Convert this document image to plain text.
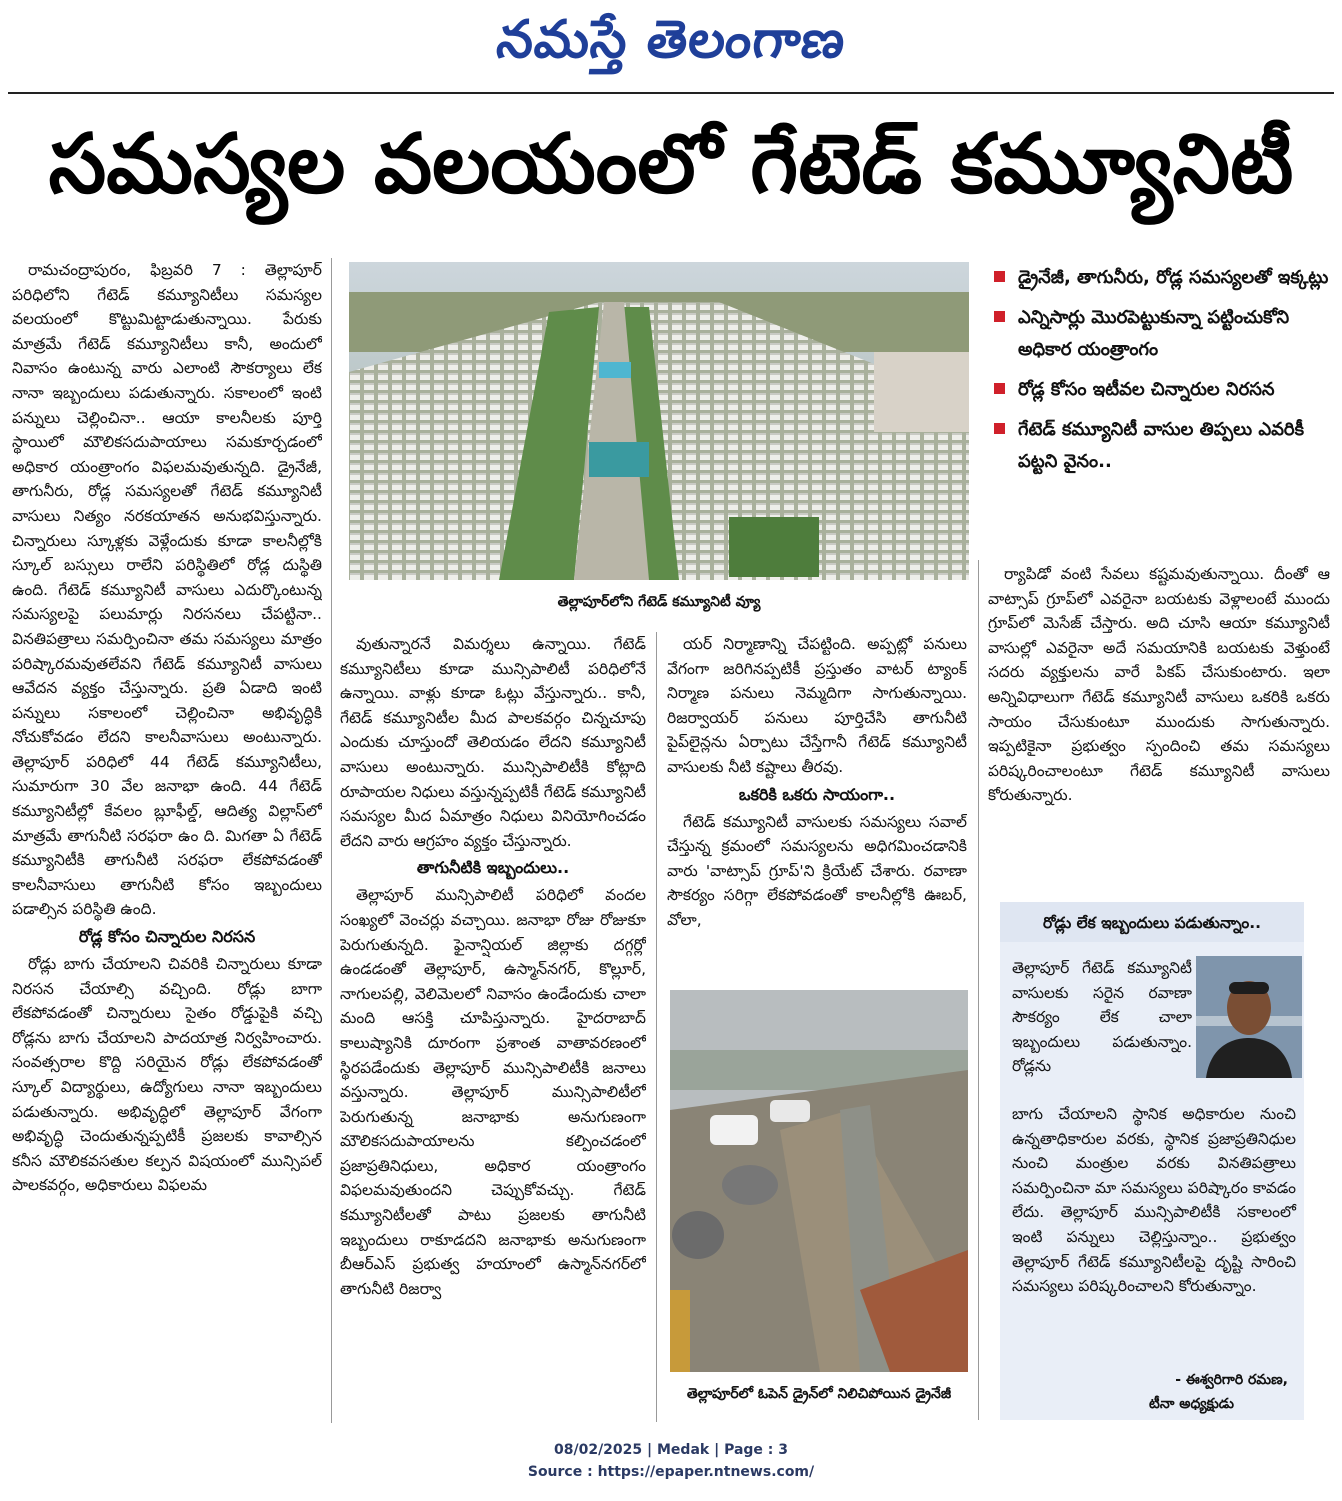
నమస్తే తెలంగాణ
సమస్యల వలయంలో గేటెడ్ కమ్యూనిటీ

రామచంద్రాపురం, ఫిబ్రవరి 7 : తెల్లాపూర్ పరిధిలోని గేటెడ్ కమ్యూనిటీలు సమస్యల వలయంలో కొట్టుమిట్టాడుతున్నాయి. పేరుకు మాత్రమే గేటెడ్ కమ్యూనిటీలు కానీ, అందులో నివాసం ఉంటున్న వారు ఎలాంటి సౌకర్యాలు లేక నానా ఇబ్బందులు పడుతున్నారు. సకాలంలో ఇంటి పన్నులు చెల్లించినా.. ఆయా కాలనీలకు పూర్తి స్థాయిలో మౌలికసదుపాయాలు సమకూర్చడంలో అధికార యంత్రాంగం విఫలమవుతున్నది. డ్రైనేజీ, తాగునీరు, రోడ్ల సమస్యలతో గేటెడ్ కమ్యూనిటీ వాసులు నిత్యం నరకయాతన అనుభవిస్తున్నారు. చిన్నారులు స్కూళ్లకు వెళ్లేందుకు కూడా కాలనీల్లోకి స్కూల్ బస్సులు రాలేని పరిస్థితిలో రోడ్ల దుస్థితి ఉంది. గేటెడ్ కమ్యూనిటీ వాసులు ఎదుర్కొంటున్న సమస్యలపై పలుమార్లు నిరసనలు చేపట్టినా.. వినతిపత్రాలు సమర్పించినా తమ సమస్యలు మాత్రం పరిష్కారమవుతలేవని గేటెడ్ కమ్యూనిటీ వాసులు ఆవేదన వ్యక్తం చేస్తున్నారు. ప్రతి ఏడాది ఇంటి పన్నులు సకాలంలో చెల్లించినా అభివృద్ధికి నోచుకోవడం లేదని కాలనీవాసులు అంటున్నారు. తెల్లాపూర్ పరిధిలో 44 గేటెడ్ కమ్యూనిటీలు, సుమారుగా 30 వేల జనాభా ఉంది. 44 గేటెడ్ కమ్యూనిటీల్లో కేవలం బ్లూఫీల్డ్, ఆదిత్య విల్లాస్‌లో మాత్రమే తాగునీటి సరఫరా ఉం ది. మిగతా ఏ గేటెడ్ కమ్యూనిటీకి తాగునీటి సరఫరా లేకపోవడంతో కాలనీవాసులు తాగునీటి కోసం ఇబ్బందులు పడాల్సిన పరిస్థితి ఉంది.

రోడ్ల కోసం చిన్నారుల నిరసన

రోడ్లు బాగు చేయాలని చివరికి చిన్నారులు కూడా నిరసన చేయాల్సి వచ్చింది. రోడ్లు బాగా లేకపోవడంతో చిన్నారులు సైతం రోడ్డుపైకి వచ్చి రోడ్లను బాగు చేయాలని పాదయాత్ర నిర్వహించారు. సంవత్సరాల కొద్ది సరియైన రోడ్లు లేకపోవడంతో స్కూల్ విద్యార్థులు, ఉద్యోగులు నానా ఇబ్బందులు పడుతున్నారు. అభివృద్ధిలో తెల్లాపూర్ వేగంగా అభివృద్ధి చెందుతున్నప్పటికీ ప్రజలకు కావాల్సిన కనీస మౌలికవసతుల కల్పన విషయంలో మున్సిపల్ పాలకవర్గం, అధికారులు విఫలమ

తెల్లాపూర్‌లోని గేటెడ్ కమ్యూనిటీ వ్యూ
డ్రైనేజీ, తాగునీరు, రోడ్ల సమస్యలతో ఇక్కట్లు
ఎన్నిసార్లు మొరపెట్టుకున్నా పట్టించుకోని అధికార యంత్రాంగం
రోడ్ల కోసం ఇటీవల చిన్నారుల నిరసన
గేటెడ్ కమ్యూనిటీ వాసుల తిప్పలు ఎవరికీ పట్టని వైనం..

వుతున్నారనే విమర్శలు ఉన్నాయి. గేటెడ్ కమ్యూనిటీలు కూడా మున్సిపాలిటీ పరిధిలోనే ఉన్నాయి. వాళ్లు కూడా ఓట్లు వేస్తున్నారు.. కానీ, గేటెడ్ కమ్యూనిటీల మీద పాలకవర్గం చిన్నచూపు ఎందుకు చూస్తుందో తెలియడం లేదని కమ్యూనిటీ వాసులు అంటున్నారు. మున్సిపాలిటీకి కోట్లాది రూపాయల నిధులు వస్తున్నప్పటికీ గేటెడ్ కమ్యూనిటీ సమస్యల మీద ఏమాత్రం నిధులు వినియోగించడం లేదని వారు ఆగ్రహం వ్యక్తం చేస్తున్నారు.

తాగునీటికి ఇబ్బందులు..

తెల్లాపూర్ మున్సిపాలిటీ పరిధిలో వందల సంఖ్యలో వెంచర్లు వచ్చాయి. జనాభా రోజు రోజుకూ పెరుగుతున్నది. ఫైనాన్షియల్ జిల్లాకు దగ్గర్లో ఉండడంతో తెల్లాపూర్, ఉస్మాన్‌నగర్, కొల్లూర్, నాగులపల్లి, వెలిమెలలో నివాసం ఉండేందుకు చాలా మంది ఆసక్తి చూపిస్తున్నారు. హైదరాబాద్ కాలుష్యానికి దూరంగా ప్రశాంత వాతావరణంలో స్థిరపడేందుకు తెల్లాపూర్ మున్సిపాలిటీకి జనాలు వస్తున్నారు. తెల్లాపూర్ మున్సిపాలిటీలో పెరుగుతున్న జనాభాకు అనుగుణంగా మౌలికసదుపాయాలను కల్పించడంలో ప్రజాప్రతినిధులు, అధికార యంత్రాంగం విఫలమవుతుందని చెప్పుకోవచ్చు. గేటెడ్ కమ్యూనిటీలతో పాటు ప్రజలకు తాగునీటి ఇబ్బందులు రాకూడదని జనాభాకు అనుగుణంగా బీఆర్‌ఎస్ ప్రభుత్వ హయాంలో ఉస్మాన్‌నగర్‌లో తాగునీటి రిజర్వా

యర్ నిర్మాణాన్ని చేపట్టింది. అప్పట్లో పనులు వేగంగా జరిగినప్పటికీ ప్రస్తుతం వాటర్ ట్యాంక్ నిర్మాణ పనులు నెమ్మదిగా సాగుతున్నాయి. రిజర్వాయర్ పనులు పూర్తిచేసి తాగునీటి పైప్‌లైన్లను ఏర్పాటు చేస్తేగానీ గేటెడ్ కమ్యూనిటీ వాసులకు నీటి కష్టాలు తీరవు.

ఒకరికి ఒకరు సాయంగా..

గేటెడ్ కమ్యూనిటీ వాసులకు సమస్యలు సవాల్ చేస్తున్న క్రమంలో సమస్యలను అధిగమించడానికి వారు 'వాట్సాప్ గ్రూప్'ని క్రియేట్ చేశారు. రవాణా సౌకర్యం సరిగ్గా లేకపోవడంతో కాలనీల్లోకి ఊబర్, వోలా,

తెల్లాపూర్‌లో ఓపెన్ డ్రైన్‌లో నిలిచిపోయిన డ్రైనేజీ

ర్యాపిడో వంటి సేవలు కష్టమవుతున్నాయి. దీంతో ఆ వాట్సాప్ గ్రూప్‌లో ఎవరైనా బయటకు వెళ్లాలంటే ముందు గ్రూప్‌లో మెసేజ్ చేస్తారు. అది చూసి ఆయా కమ్యూనిటీ వాసుల్లో ఎవరైనా అదే సమయానికి బయటకు వెళ్తుంటే సదరు వ్యక్తులను వారే పికప్ చేసుకుంటారు. ఇలా అన్నివిధాలుగా గేటెడ్ కమ్యూనిటీ వాసులు ఒకరికి ఒకరు సాయం చేసుకుంటూ ముందుకు సాగుతున్నారు. ఇప్పటికైనా ప్రభుత్వం స్పందించి తమ సమస్యలు పరిష్కరించాలంటూ గేటెడ్ కమ్యూనిటీ వాసులు కోరుతున్నారు.

రోడ్లు లేక ఇబ్బందులు పడుతున్నాం..
తెల్లాపూర్ గేటెడ్ కమ్యూనిటీ వాసులకు సరైన రవాణా సౌకర్యం లేక చాలా ఇబ్బందులు పడుతున్నాం. రోడ్లను
బాగు చేయాలని స్థానిక అధికారుల నుంచి ఉన్నతాధికారుల వరకు, స్థానిక ప్రజాప్రతినిధుల నుంచి మంత్రుల వరకు వినతిపత్రాలు సమర్పించినా మా సమస్యలు పరిష్కారం కావడం లేదు. తెల్లాపూర్ మున్సిపాలిటీకి సకాలంలో ఇంటి పన్నులు చెల్లిస్తున్నాం.. ప్రభుత్వం తెల్లాపూర్ గేటెడ్ కమ్యూనిటీలపై దృష్టి సారించి సమస్యలు పరిష్కరించాలని కోరుతున్నాం.
- ఈశ్వరిగారి రమణ,
టీనా అధ్యక్షుడు
08/02/2025 | Medak | Page : 3
Source : https://epaper.ntnews.com/
